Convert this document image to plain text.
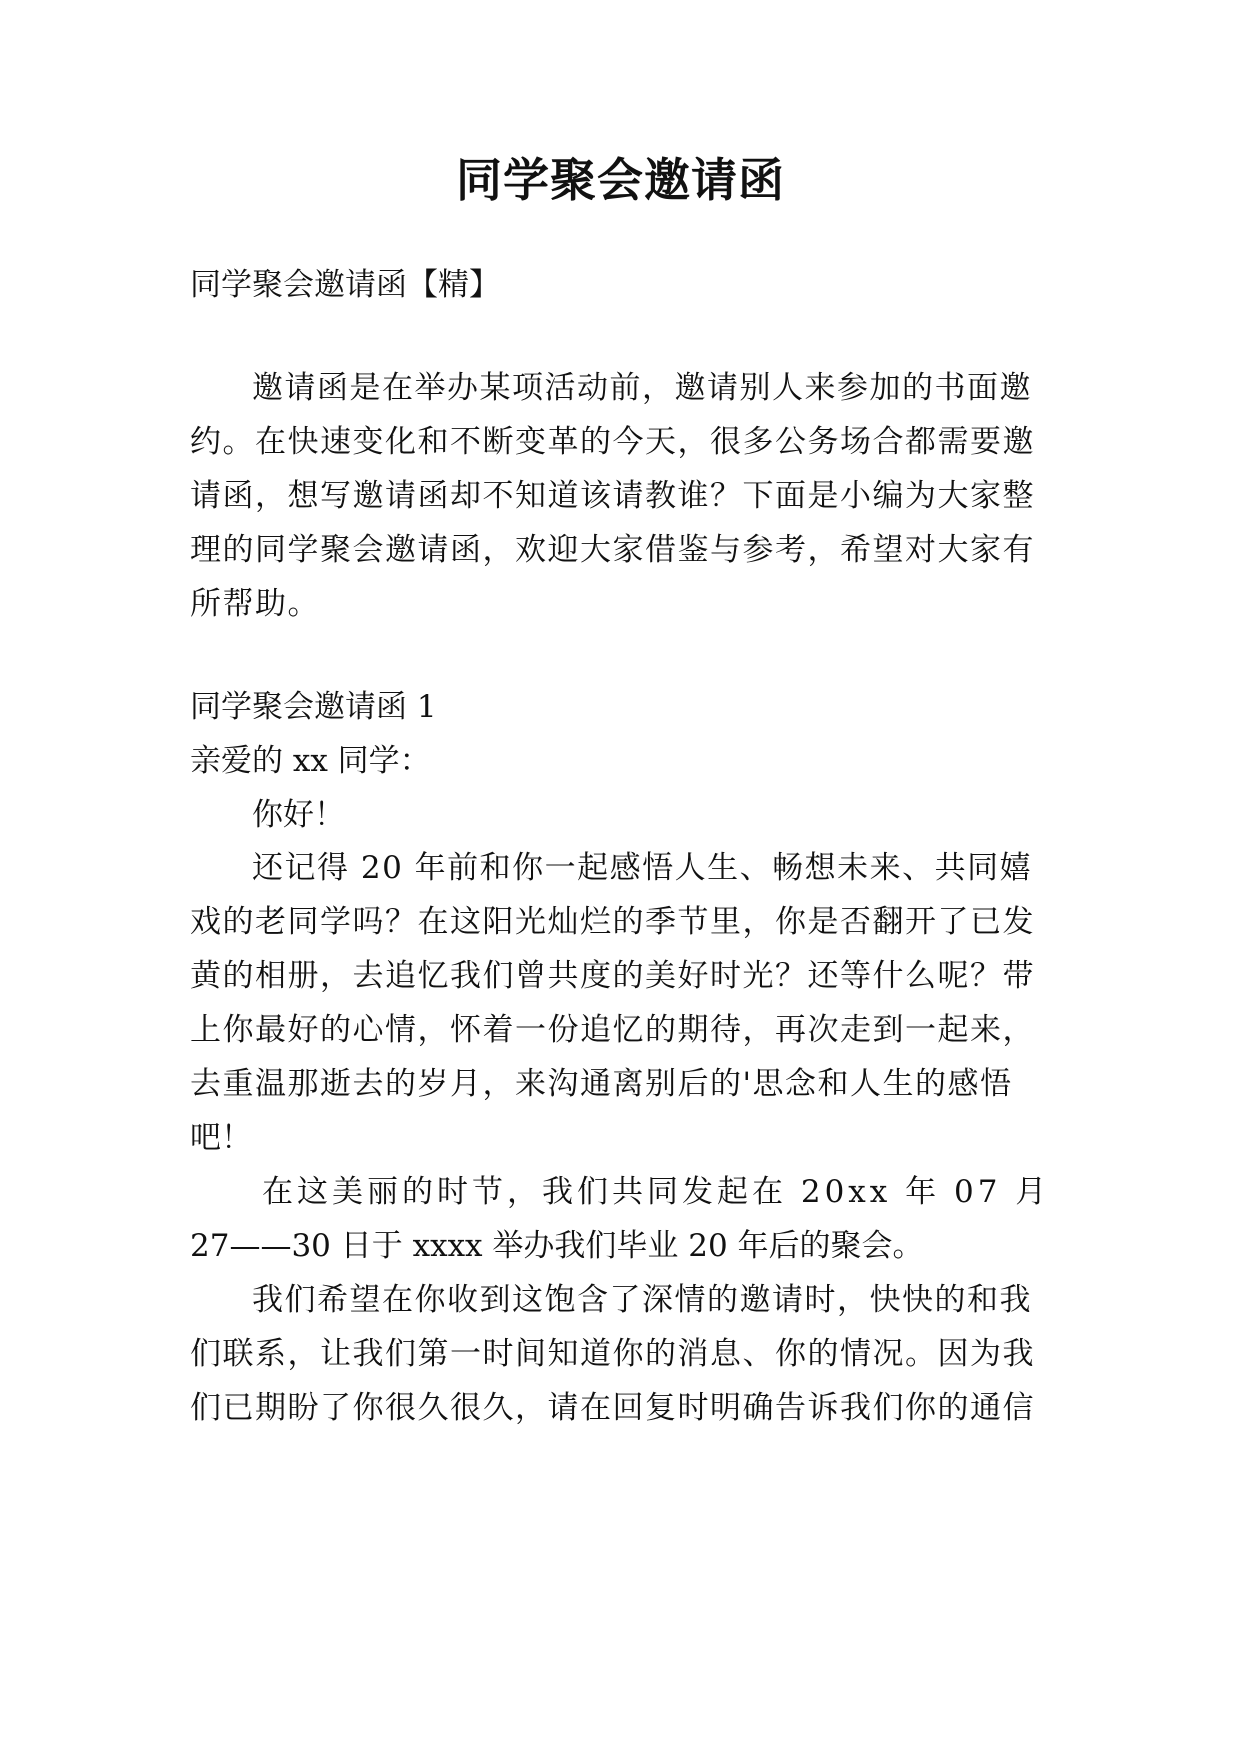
同学聚会邀请函
同学聚会邀请函【精】
邀请函是在举办某项活动前，邀请别人来参加的书面邀
约。在快速变化和不断变革的今天，很多公务场合都需要邀
请函，想写邀请函却不知道该请教谁？下面是小编为大家整
理的同学聚会邀请函，欢迎大家借鉴与参考，希望对大家有
所帮助。
同学聚会邀请函 1
亲爱的 xx 同学：
你好！
还记得 20 年前和你一起感悟人生、畅想未来、共同嬉
戏的老同学吗？在这阳光灿烂的季节里，你是否翻开了已发
黄的相册，去追忆我们曾共度的美好时光？还等什么呢？带
上你最好的心情，怀着一份追忆的期待，再次走到一起来，
去重温那逝去的岁月，来沟通离别后的'思念和人生的感悟
吧！
在这美丽的时节，我们共同发起在 20xx 年 07 月
27——30 日于 xxxx 举办我们毕业 20 年后的聚会。
我们希望在你收到这饱含了深情的邀请时，快快的和我
们联系，让我们第一时间知道你的消息、你的情况。因为我
们已期盼了你很久很久，请在回复时明确告诉我们你的通信
